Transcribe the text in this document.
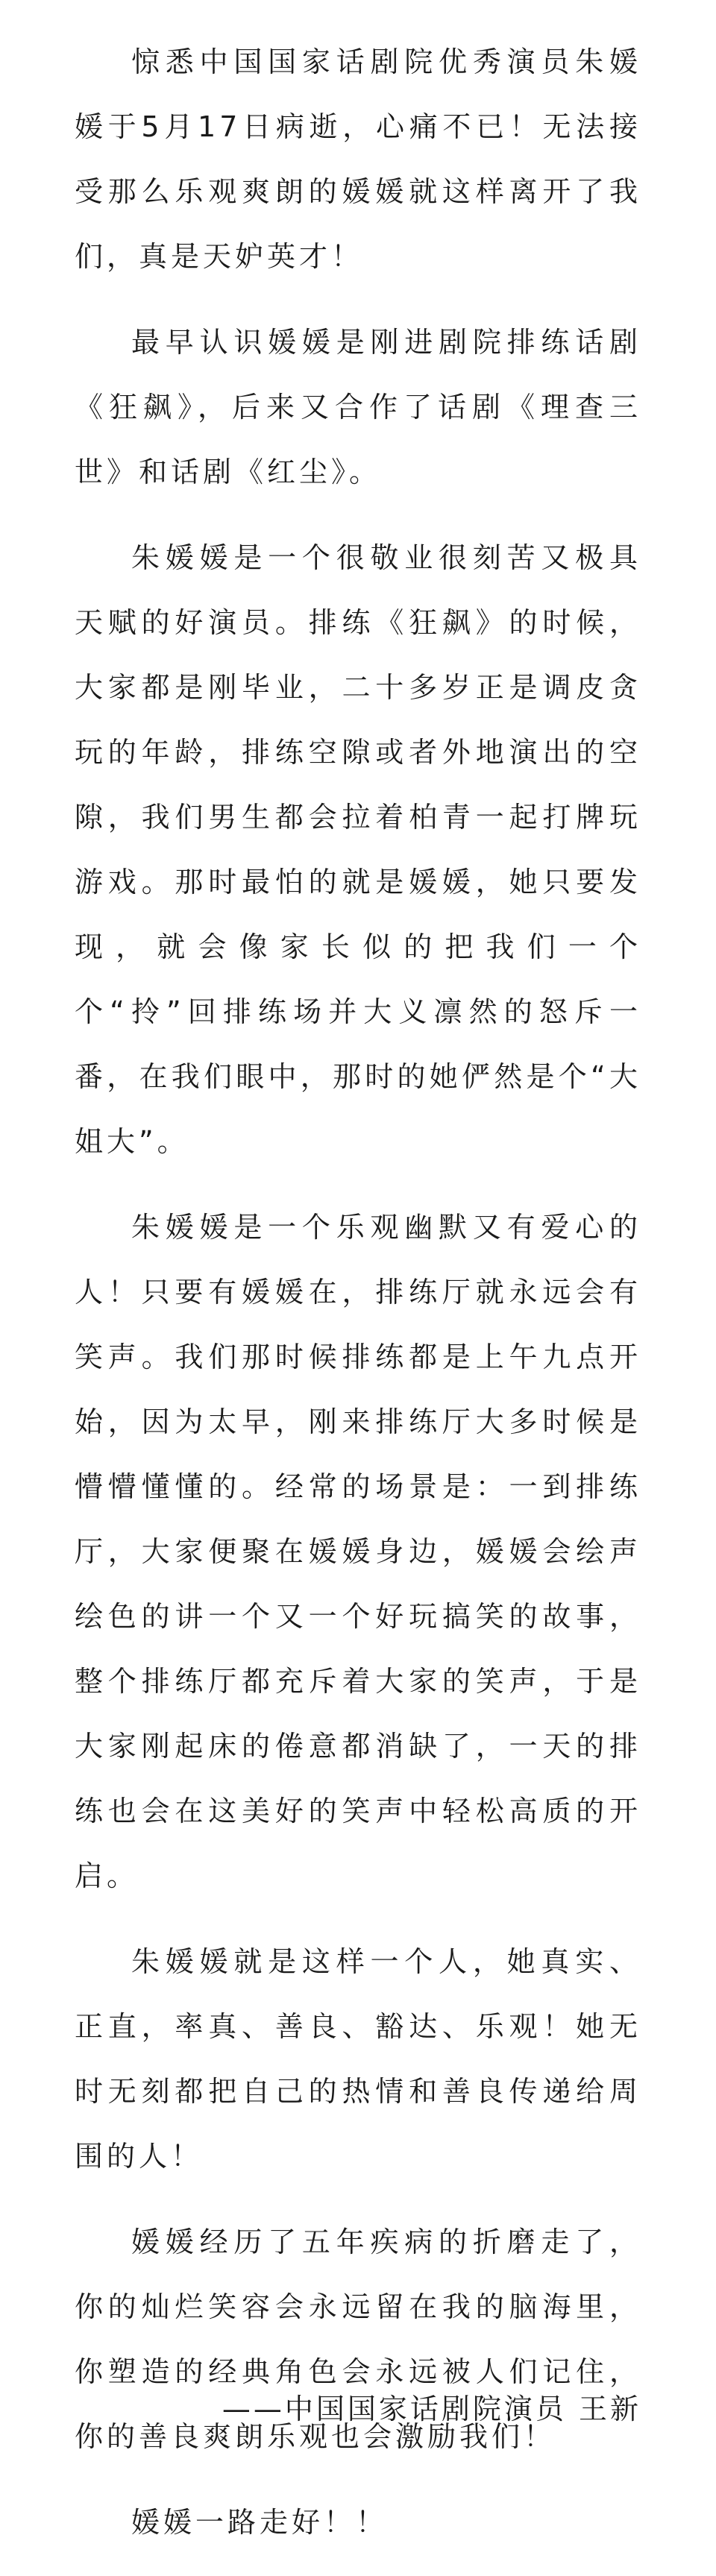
惊悉中国国家话剧院优秀演员朱媛媛于5月17日病逝，心痛不已！无法接受那么乐观爽朗的媛媛就这样离开了我们，真是天妒英才！

最早认识媛媛是刚进剧院排练话剧《狂飙》，后来又合作了话剧《理查三世》和话剧《红尘》。

朱媛媛是一个很敬业很刻苦又极具天赋的好演员。排练《狂飙》的时候，大家都是刚毕业，二十多岁正是调皮贪玩的年龄，排练空隙或者外地演出的空隙，我们男生都会拉着柏青一起打牌玩游戏。那时最怕的就是媛媛，她只要发现，就会像家长似的把我们一个个“拎”回排练场并大义凛然的怒斥一番，在我们眼中，那时的她俨然是个“大姐大”。

朱媛媛是一个乐观幽默又有爱心的人！只要有媛媛在，排练厅就永远会有笑声。我们那时候排练都是上午九点开始，因为太早，刚来排练厅大多时候是懵懵懂懂的。经常的场景是：一到排练厅，大家便聚在媛媛身边，媛媛会绘声绘色的讲一个又一个好玩搞笑的故事，整个排练厅都充斥着大家的笑声，于是大家刚起床的倦意都消缺了，一天的排练也会在这美好的笑声中轻松高质的开启。

朱媛媛就是这样一个人，她真实、正直，率真、善良、豁达、乐观！她无时无刻都把自己的热情和善良传递给周围的人！

媛媛经历了五年疾病的折磨走了，你的灿烂笑容会永远留在我的脑海里，你塑造的经典角色会永远被人们记住，你的善良爽朗乐观也会激励我们！

媛媛一路走好！！

——中国国家话剧院演员 王新
